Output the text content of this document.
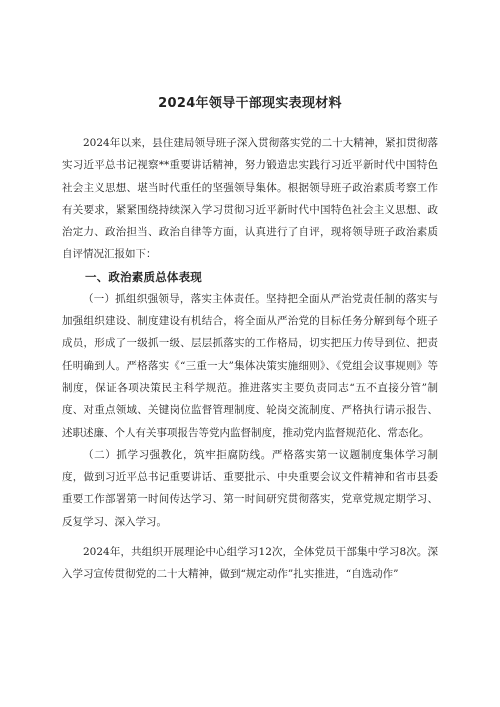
2024年领导干部现实表现材料

2024年以来，县住建局领导班子深入贯彻落实党的二十大精神，紧扣贯彻落实习近平总书记视察**重要讲话精神，努力锻造忠实践行习近平新时代中国特色社会主义思想、堪当时代重任的坚强领导集体。根据领导班子政治素质考察工作有关要求，紧紧围绕持续深入学习贯彻习近平新时代中国特色社会主义思想、政治定力、政治担当、政治自律等方面，认真进行了自评，现将领导班子政治素质自评情况汇报如下：

一、政治素质总体表现

（一）抓组织强领导，落实主体责任。坚持把全面从严治党责任制的落实与加强组织建设、制度建设有机结合，将全面从严治党的目标任务分解到每个班子成员，形成了一级抓一级、层层抓落实的工作格局，切实把压力传导到位、把责任明确到人。严格落实《“三重一大”集体决策实施细则》、《党组会议事规则》等制度，保证各项决策民主科学规范。推进落实主要负责同志“五不直接分管”制度、对重点领域、关键岗位监督管理制度、轮岗交流制度、严格执行请示报告、述职述廉、个人有关事项报告等党内监督制度，推动党内监督规范化、常态化。

（二）抓学习强教化，筑牢拒腐防线。严格落实第一议题制度集体学习制度，做到习近平总书记重要讲话、重要批示、中央重要会议文件精神和省市县委重要工作部署第一时间传达学习、第一时间研究贯彻落实，党章党规定期学习、反复学习、深入学习。

2024年，共组织开展理论中心组学习12次，全体党员干部集中学习8次。深入学习宣传贯彻党的二十大精神，做到“规定动作”扎实推进，“自选动作”
